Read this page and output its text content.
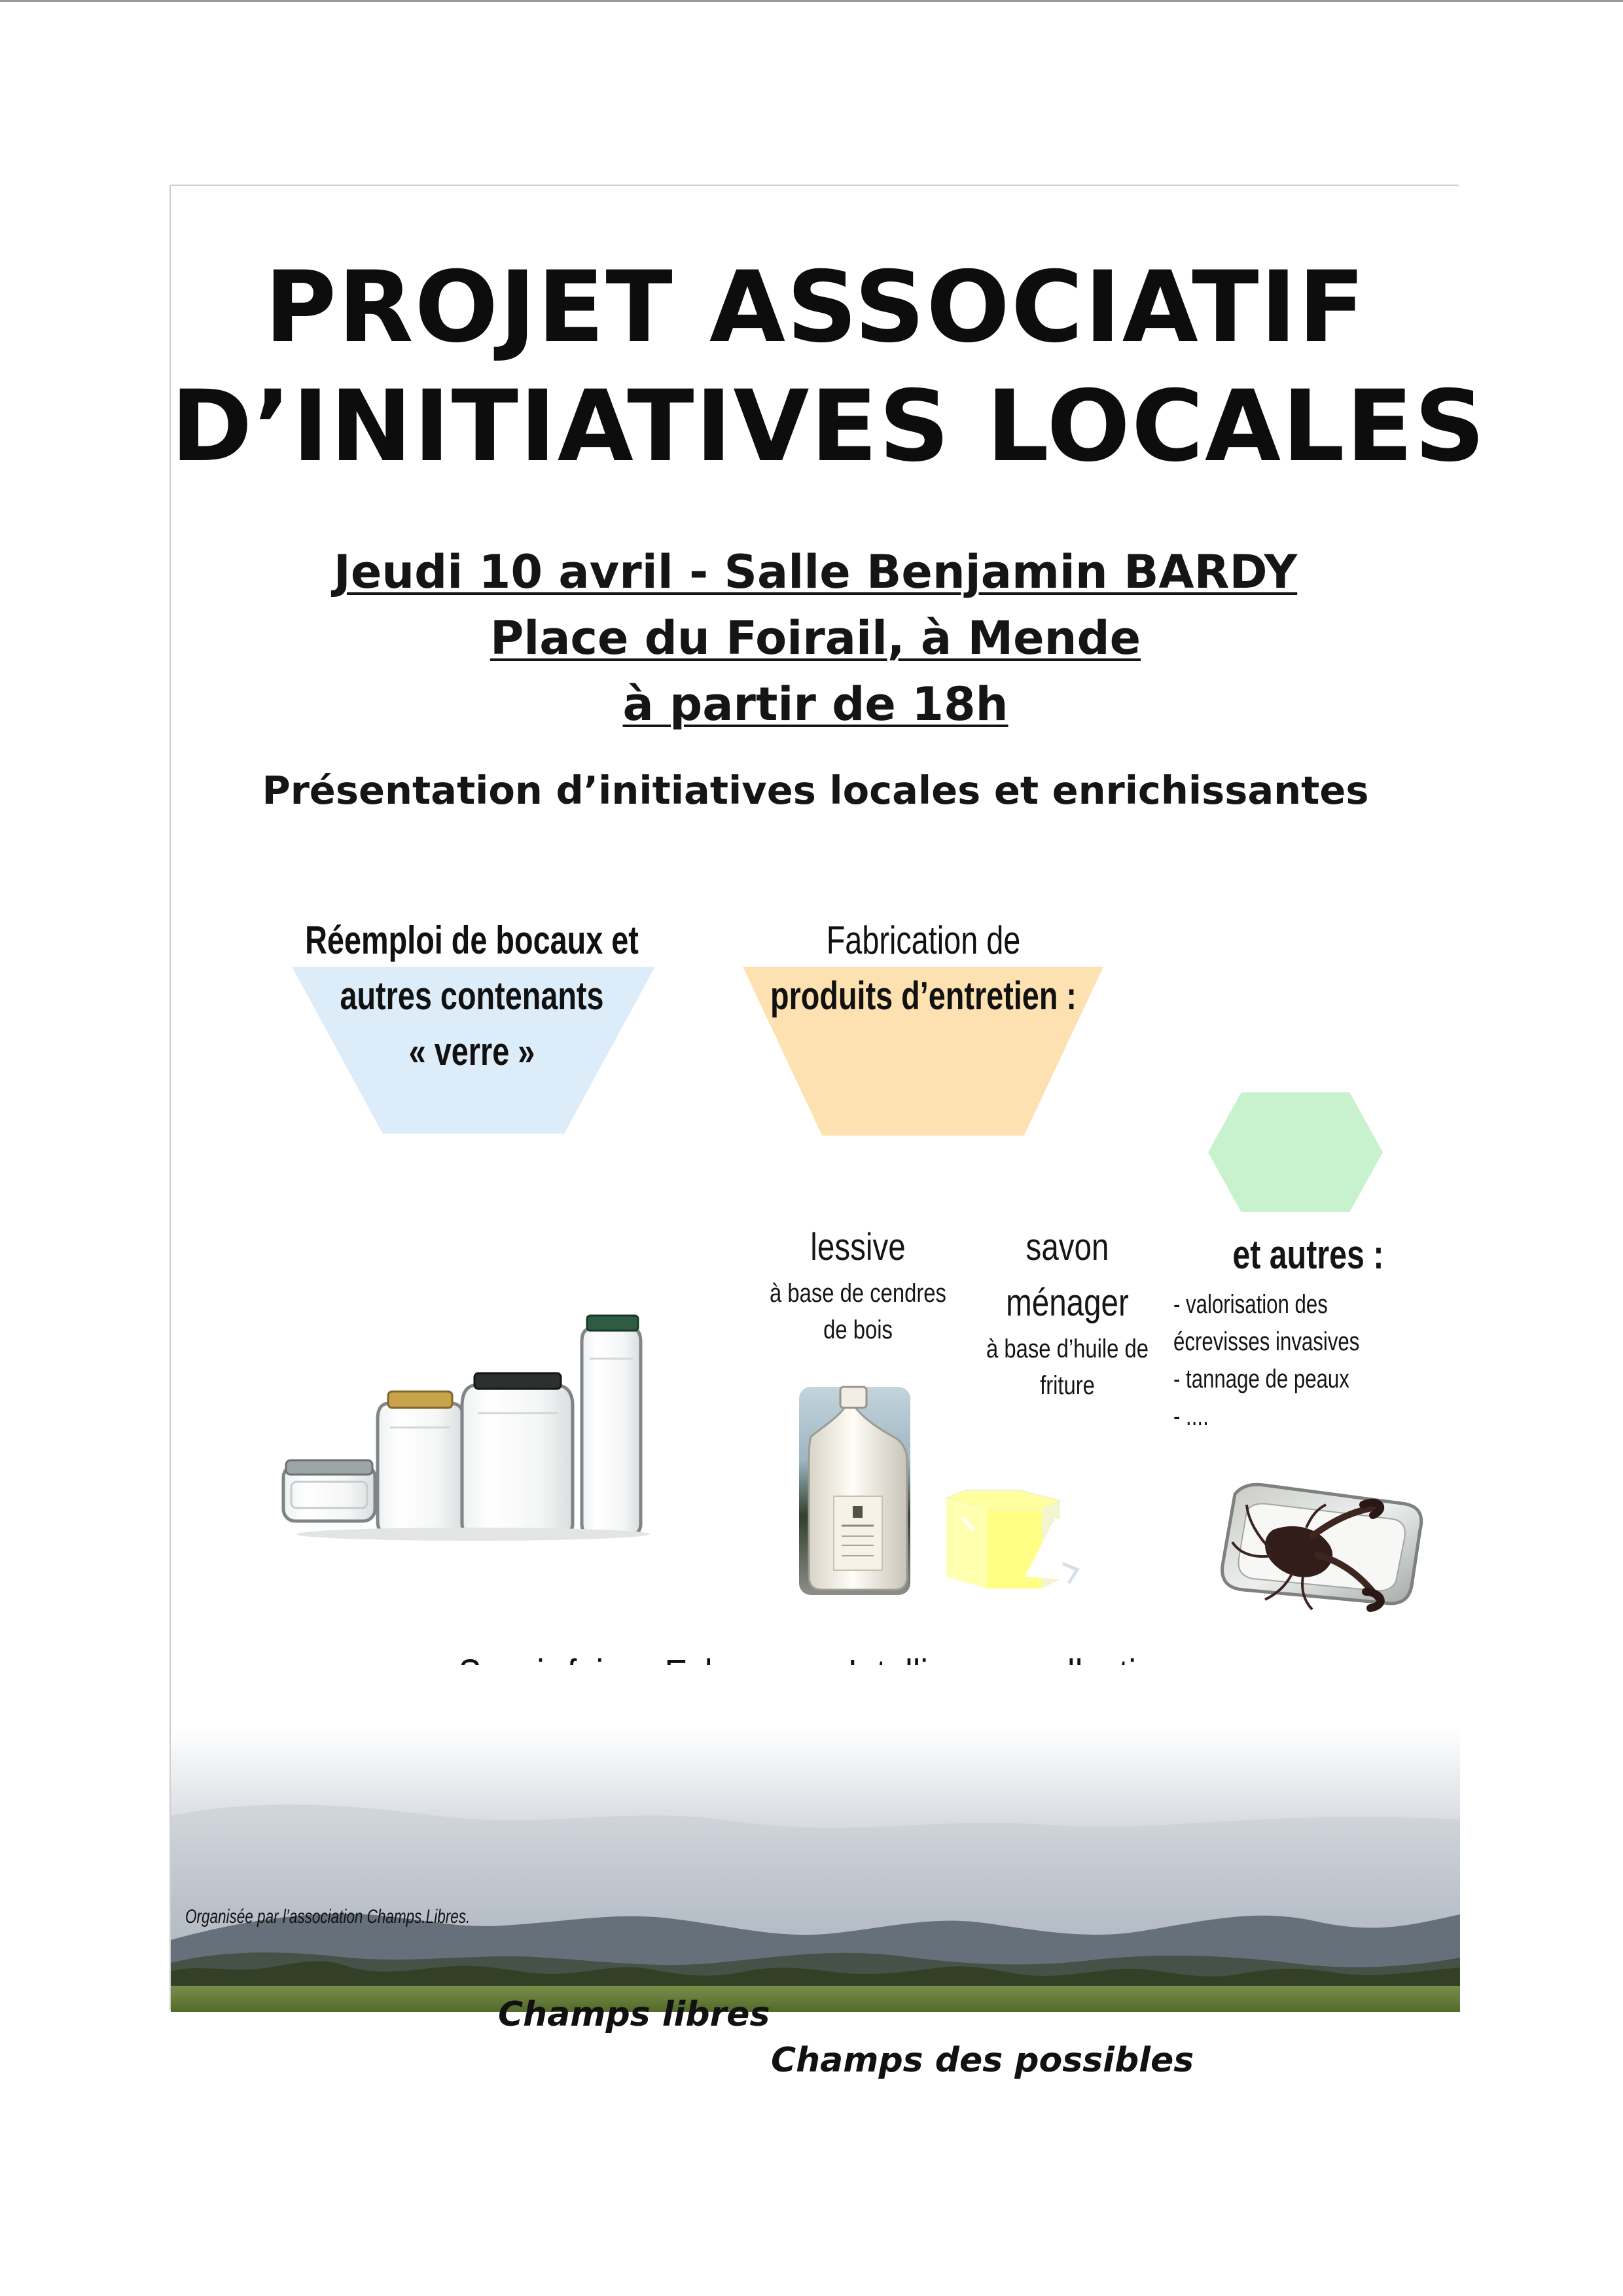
PROJET ASSOCIATIF
D’INITIATIVES LOCALES
Jeudi 10 avril - Salle Benjamin BARDY
Place du Foirail, à Mende
à partir de 18h
Présentation d’initiatives locales et enrichissantes
Réemploi de bocaux et
autres contenants
« verre »
Fabrication de
produits d’entretien :
lessive
à base de cendres
de bois
savon
ménager
à base d’huile de
friture
et autres :
- valorisation des
écrevisses invasives
- tannage de peaux
- ....
Organisée par l’association Champs.Libres.
Champs libres
Champs des possibles
